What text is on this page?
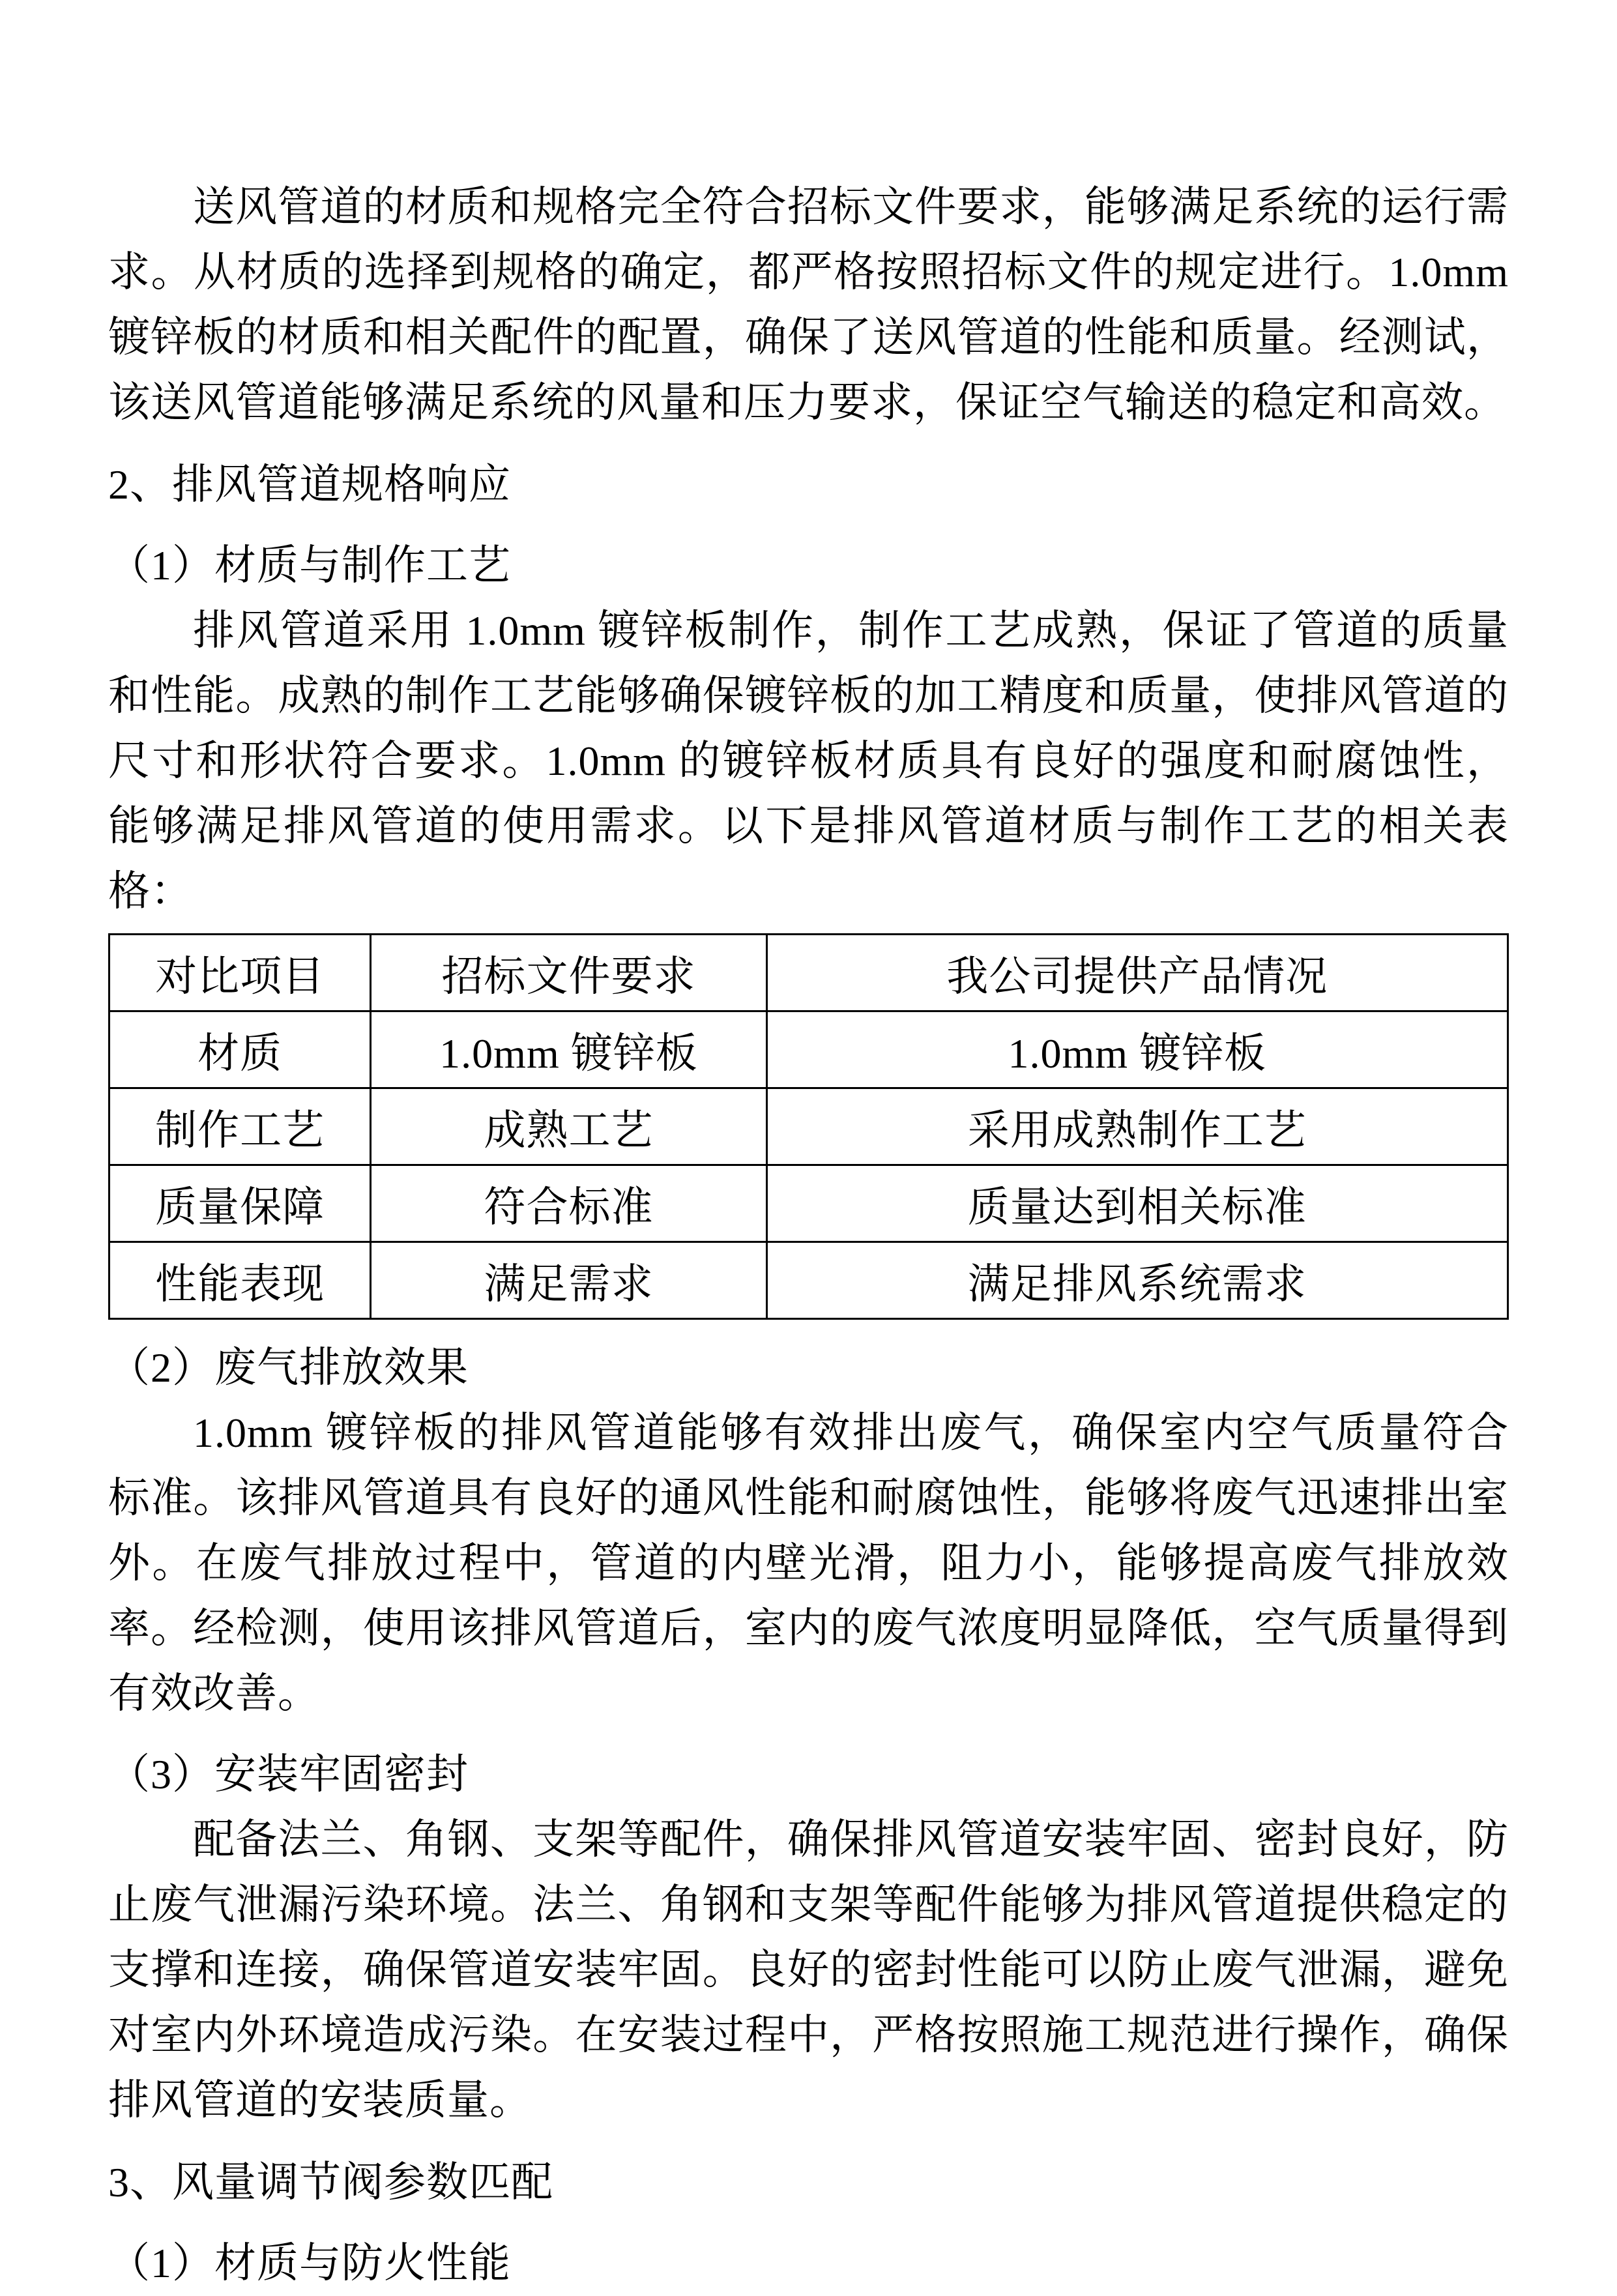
送风管道的材质和规格完全符合招标文件要求，能够满足系统的运行需求。从材质的选择到规格的确定，都严格按照招标文件的规定进行。1.0mm 镀锌板的材质和相关配件的配置，确保了送风管道的性能和质量。经测试，该送风管道能够满足系统的风量和压力要求，保证空气输送的稳定和高效。

2、排风管道规格响应

（1）材质与制作工艺

排风管道采用 1.0mm 镀锌板制作，制作工艺成熟，保证了管道的质量和性能。成熟的制作工艺能够确保镀锌板的加工精度和质量，使排风管道的尺寸和形状符合要求。1.0mm 的镀锌板材质具有良好的强度和耐腐蚀性，能够满足排风管道的使用需求。以下是排风管道材质与制作工艺的相关表格：

对比项目	招标文件要求	我公司提供产品情况
材质	1.0mm 镀锌板	1.0mm 镀锌板
制作工艺	成熟工艺	采用成熟制作工艺
质量保障	符合标准	质量达到相关标准
性能表现	满足需求	满足排风系统需求

（2）废气排放效果

1.0mm 镀锌板的排风管道能够有效排出废气，确保室内空气质量符合标准。该排风管道具有良好的通风性能和耐腐蚀性，能够将废气迅速排出室外。在废气排放过程中，管道的内壁光滑，阻力小，能够提高废气排放效率。经检测，使用该排风管道后，室内的废气浓度明显降低，空气质量得到有效改善。

（3）安装牢固密封

配备法兰、角钢、支架等配件，确保排风管道安装牢固、密封良好，防止废气泄漏污染环境。法兰、角钢和支架等配件能够为排风管道提供稳定的支撑和连接，确保管道安装牢固。良好的密封性能可以防止废气泄漏，避免对室内外环境造成污染。在安装过程中，严格按照施工规范进行操作，确保排风管道的安装质量。

3、风量调节阀参数匹配

（1）材质与防火性能
